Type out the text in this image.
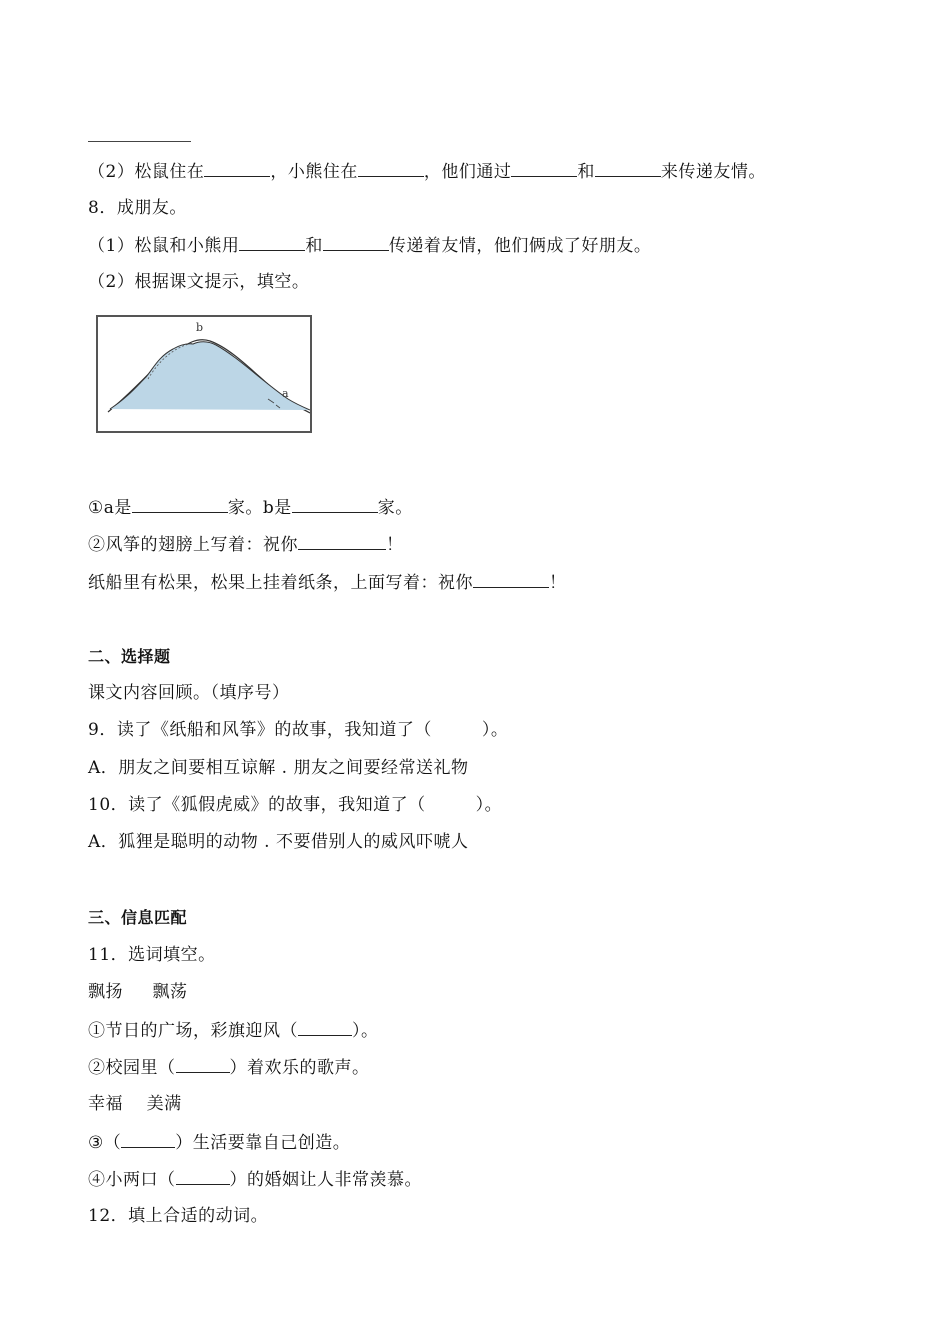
（2）松鼠住在	，小熊住在	，他们通过	和	来传递友情。
8．成朋友。
（1）松鼠和小熊用	和	传递着友情，他们俩成了好朋友。
（2）根据课文提示，填空。
b
a
①a是	家。b是	家。
②风筝的翅膀上写着：祝你	！
纸船里有松果，松果上挂着纸条，上面写着：祝你	！
二、选择题
课文内容回顾。（填序号）
9．读了《纸船和风筝》的故事，我知道了（	）。
A．朋友之间要相互谅解 . 朋友之间要经常送礼物
10．读了《狐假虎威》的故事，我知道了（	）。
A．狐狸是聪明的动物 . 不要借别人的威风吓唬人
三、信息匹配
11．选词填空。
飘扬     飘荡
①节日的广场，彩旗迎风（	）。
②校园里（	）着欢乐的歌声。
幸福    美满
③（	）生活要靠自己创造。
④小两口（	）的婚姻让人非常羡慕。
12．填上合适的动词。
